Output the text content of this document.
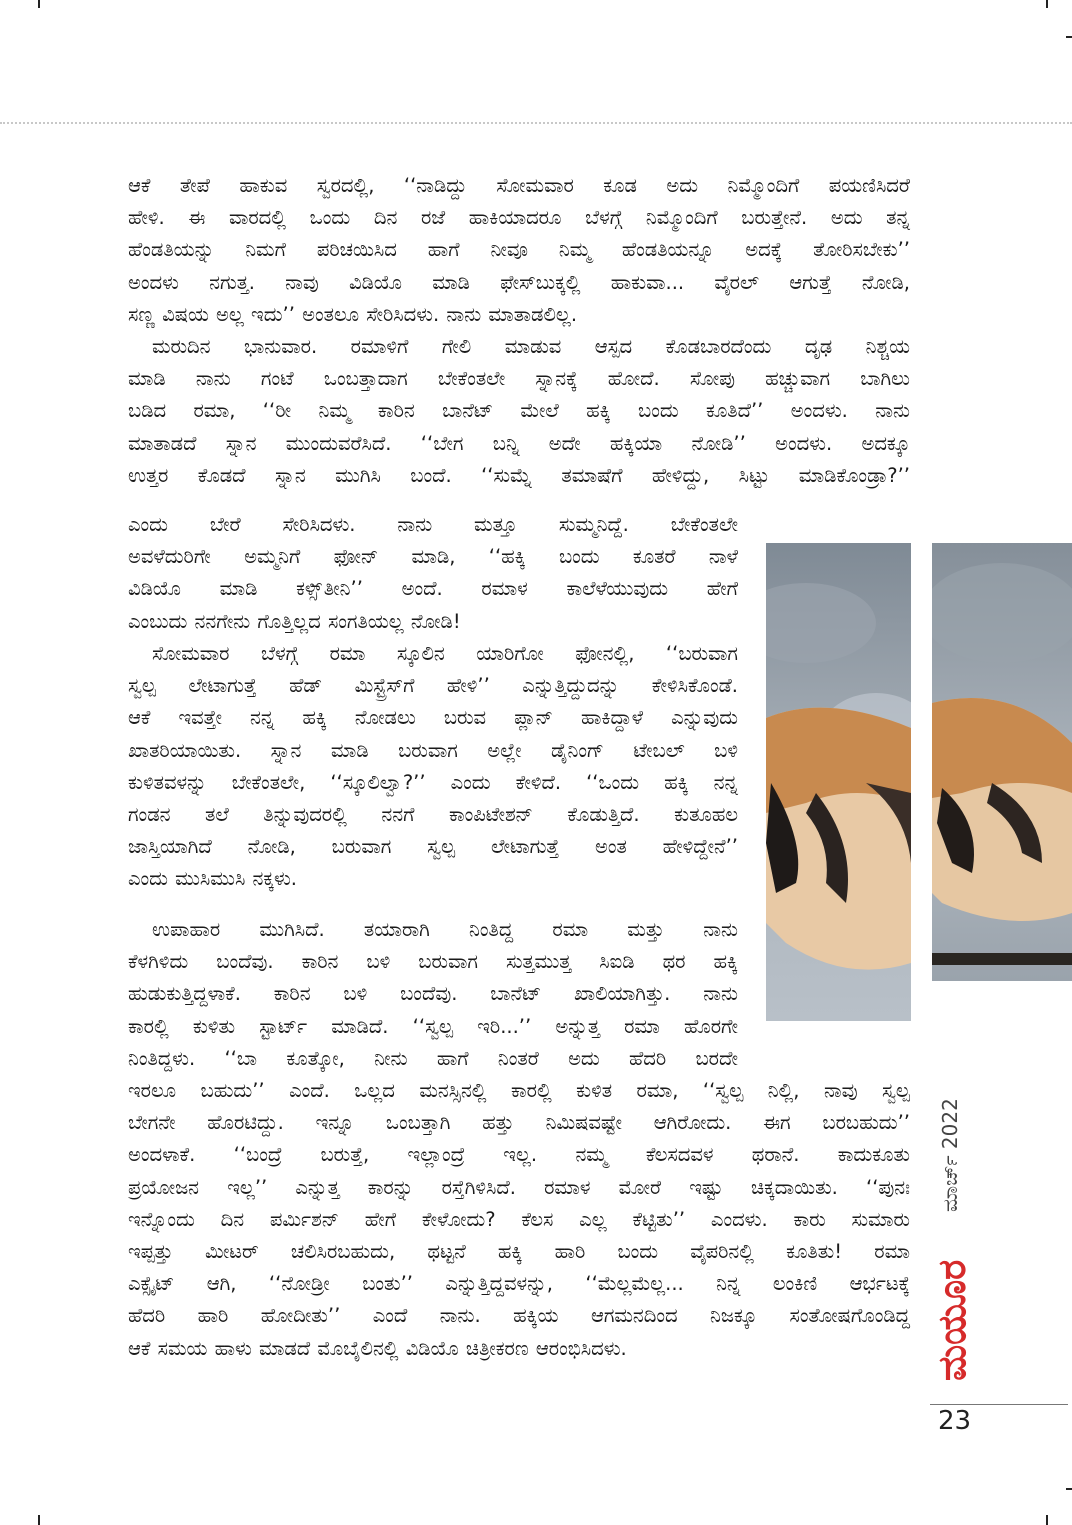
ಆಕೆ ತೇಪೆ ಹಾಕುವ ಸ್ವರದಲ್ಲಿ, ‘‘ನಾಡಿದ್ದು ಸೋಮವಾರ ಕೂಡ ಅದು ನಿಮ್ಮೊಂದಿಗೆ ಪಯಣಿಸಿದರೆ
ಹೇಳಿ. ಈ ವಾರದಲ್ಲಿ ಒಂದು ದಿನ ರಜೆ ಹಾಕಿಯಾದರೂ ಬೆಳಗ್ಗೆ ನಿಮ್ಮೊಂದಿಗೆ ಬರುತ್ತೇನೆ. ಅದು ತನ್ನ
ಹೆಂಡತಿಯನ್ನು ನಿಮಗೆ ಪರಿಚಯಿಸಿದ ಹಾಗೆ ನೀವೂ ನಿಮ್ಮ ಹೆಂಡತಿಯನ್ನೂ ಅದಕ್ಕೆ ತೋರಿಸಬೇಕು’’
ಅಂದಳು ನಗುತ್ತ. ನಾವು ವಿಡಿಯೊ ಮಾಡಿ ಫೇಸ್‌ಬುಕ್ಕಲ್ಲಿ ಹಾಕುವಾ... ವೈರಲ್ ಆಗುತ್ತೆ ನೋಡಿ,
ಸಣ್ಣ ವಿಷಯ ಅಲ್ಲ ಇದು’’ ಅಂತಲೂ ಸೇರಿಸಿದಳು. ನಾನು ಮಾತಾಡಲಿಲ್ಲ.
ಮರುದಿನ ಭಾನುವಾರ. ರಮಾಳಿಗೆ ಗೇಲಿ ಮಾಡುವ ಆಸ್ಪದ ಕೊಡಬಾರದೆಂದು ದೃಢ ನಿಶ್ಚಯ
ಮಾಡಿ ನಾನು ಗಂಟೆ ಒಂಬತ್ತಾದಾಗ ಬೇಕೆಂತಲೇ ಸ್ನಾನಕ್ಕೆ ಹೋದೆ. ಸೋಪು ಹಚ್ಚುವಾಗ ಬಾಗಿಲು
ಬಡಿದ ರಮಾ, ‘‘ರೀ ನಿಮ್ಮ ಕಾರಿನ ಬಾನೆಟ್ ಮೇಲೆ ಹಕ್ಕಿ ಬಂದು ಕೂತಿದೆ’’ ಅಂದಳು. ನಾನು
ಮಾತಾಡದೆ ಸ್ನಾನ ಮುಂದುವರೆಸಿದೆ. ‘‘ಬೇಗ ಬನ್ನಿ ಅದೇ ಹಕ್ಕಿಯಾ ನೋಡಿ’’ ಅಂದಳು. ಅದಕ್ಕೂ
ಉತ್ತರ ಕೊಡದೆ ಸ್ನಾನ ಮುಗಿಸಿ ಬಂದೆ. ‘‘ಸುಮ್ನೆ ತಮಾಷೆಗೆ ಹೇಳಿದ್ದು, ಸಿಟ್ಟು ಮಾಡಿಕೊಂಡ್ರಾ?’’
ಎಂದು ಬೇರೆ ಸೇರಿಸಿದಳು. ನಾನು ಮತ್ತೂ ಸುಮ್ಮನಿದ್ದೆ. ಬೇಕೆಂತಲೇ
ಅವಳೆದುರಿಗೇ ಅಮ್ಮನಿಗೆ ಫೋನ್ ಮಾಡಿ, ‘‘ಹಕ್ಕಿ ಬಂದು ಕೂತರೆ ನಾಳೆ
ವಿಡಿಯೊ ಮಾಡಿ ಕಳ್ಸಿ್ತೀನಿ’’ ಅಂದೆ. ರಮಾಳ ಕಾಲೆಳೆಯುವುದು ಹೇಗೆ
ಎಂಬುದು ನನಗೇನು ಗೊತ್ತಿಲ್ಲದ ಸಂಗತಿಯಲ್ಲ ನೋಡಿ!
ಸೋಮವಾರ ಬೆಳಗ್ಗೆ ರಮಾ ಸ್ಕೂಲಿನ ಯಾರಿಗೋ ಫೋನಲ್ಲಿ, ‘‘ಬರುವಾಗ
ಸ್ವಲ್ಪ ಲೇಟಾಗುತ್ತೆ ಹೆಡ್ ಮಿಸ್ಟ್ರೆಸ್‌ಗೆ ಹೇಳಿ’’ ಎನ್ನುತ್ತಿದ್ದುದನ್ನು ಕೇಳಿಸಿಕೊಂಡೆ.
ಆಕೆ ಇವತ್ತೇ ನನ್ನ ಹಕ್ಕಿ ನೋಡಲು ಬರುವ ಪ್ಲಾನ್ ಹಾಕಿದ್ದಾಳೆ ಎನ್ನುವುದು
ಖಾತರಿಯಾಯಿತು. ಸ್ನಾನ ಮಾಡಿ ಬರುವಾಗ ಅಲ್ಲೇ ಡೈನಿಂಗ್ ಟೇಬಲ್ ಬಳಿ
ಕುಳಿತವಳನ್ನು ಬೇಕೆಂತಲೇ, ‘‘ಸ್ಕೂಲಿಲ್ವಾ?’’ ಎಂದು ಕೇಳಿದೆ. ‘‘ಒಂದು ಹಕ್ಕಿ ನನ್ನ
ಗಂಡನ ತಲೆ ತಿನ್ನುವುದರಲ್ಲಿ ನನಗೆ ಕಾಂಪಿಟೇಶನ್ ಕೊಡುತ್ತಿದೆ. ಕುತೂಹಲ
ಜಾಸ್ತಿಯಾಗಿದೆ ನೋಡಿ, ಬರುವಾಗ ಸ್ವಲ್ಪ ಲೇಟಾಗುತ್ತೆ ಅಂತ ಹೇಳಿದ್ದೇನೆ’’
ಎಂದು ಮುಸಿಮುಸಿ ನಕ್ಕಳು.
ಉಪಾಹಾರ ಮುಗಿಸಿದೆ. ತಯಾರಾಗಿ ನಿಂತಿದ್ದ ರಮಾ ಮತ್ತು ನಾನು
ಕೆಳಗಿಳಿದು ಬಂದೆವು. ಕಾರಿನ ಬಳಿ ಬರುವಾಗ ಸುತ್ತಮುತ್ತ ಸಿಐಡಿ ಥರ ಹಕ್ಕಿ
ಹುಡುಕುತ್ತಿದ್ದಳಾಕೆ. ಕಾರಿನ ಬಳಿ ಬಂದೆವು. ಬಾನೆಟ್ ಖಾಲಿಯಾಗಿತ್ತು. ನಾನು
ಕಾರಲ್ಲಿ ಕುಳಿತು ಸ್ಟಾರ್ಟ್ ಮಾಡಿದೆ. ‘‘ಸ್ವಲ್ಪ ಇರಿ...’’ ಅನ್ನುತ್ತ ರಮಾ ಹೊರಗೇ
ನಿಂತಿದ್ದಳು. ‘‘ಬಾ ಕೂತ್ಕೋ, ನೀನು ಹಾಗೆ ನಿಂತರೆ ಅದು ಹೆದರಿ ಬರದೇ
ಇರಲೂ ಬಹುದು’’ ಎಂದೆ. ಒಲ್ಲದ ಮನಸ್ಸಿನಲ್ಲಿ ಕಾರಲ್ಲಿ ಕುಳಿತ ರಮಾ, ‘‘ಸ್ವಲ್ಪ ನಿಲ್ಲಿ, ನಾವು ಸ್ವಲ್ಪ
ಬೇಗನೇ ಹೊರಟಿದ್ದು. ಇನ್ನೂ ಒಂಬತ್ತಾಗಿ ಹತ್ತು ನಿಮಿಷವಷ್ಟೇ ಆಗಿರೋದು. ಈಗ ಬರಬಹುದು’’
ಅಂದಳಾಕೆ. ‘‘ಬಂದ್ರೆ ಬರುತ್ತೆ, ಇಲ್ಲಾಂದ್ರೆ ಇಲ್ಲ. ನಮ್ಮ ಕೆಲಸದವಳ ಥರಾನೆ. ಕಾದುಕೂತು
ಪ್ರಯೋಜನ ಇಲ್ಲ’’ ಎನ್ನುತ್ತ ಕಾರನ್ನು ರಸ್ತೆಗಿಳಿಸಿದೆ. ರಮಾಳ ಮೋರೆ ಇಷ್ಟು ಚಿಕ್ಕದಾಯಿತು. ‘‘ಪುನಃ
ಇನ್ನೊಂದು ದಿನ ಪರ್ಮಿಶನ್ ಹೇಗೆ ಕೇಳೋದು? ಕೆಲಸ ಎಲ್ಲ ಕೆಟ್ಟಿತು’’ ಎಂದಳು. ಕಾರು ಸುಮಾರು
ಇಪ್ಪತ್ತು ಮೀಟರ್ ಚಲಿಸಿರಬಹುದು, ಥಟ್ಟನೆ ಹಕ್ಕಿ ಹಾರಿ ಬಂದು ವೈಪರಿನಲ್ಲಿ ಕೂತಿತು! ರಮಾ
ಎಕ್ಸೈಟ್ ಆಗಿ, ‘‘ನೋಡ್ರೀ ಬಂತು’’ ಎನ್ನುತ್ತಿದ್ದವಳನ್ನು, ‘‘ಮೆಲ್ಲಮೆಲ್ಲ... ನಿನ್ನ ಲಂಕಿಣಿ ಆರ್ಭಟಕ್ಕೆ
ಹೆದರಿ ಹಾರಿ ಹೋದೀತು’’ ಎಂದೆ ನಾನು. ಹಕ್ಕಿಯ ಆಗಮನದಿಂದ ನಿಜಕ್ಕೂ ಸಂತೋಷಗೊಂಡಿದ್ದ
ಆಕೆ ಸಮಯ ಹಾಳು ಮಾಡದೆ ಮೊಬೈಲಿನಲ್ಲಿ ವಿಡಿಯೊ ಚಿತ್ರೀಕರಣ ಆರಂಭಿಸಿದಳು.
ಮಾರ್ಚ್ 2022
ಮಯೂರ
23
